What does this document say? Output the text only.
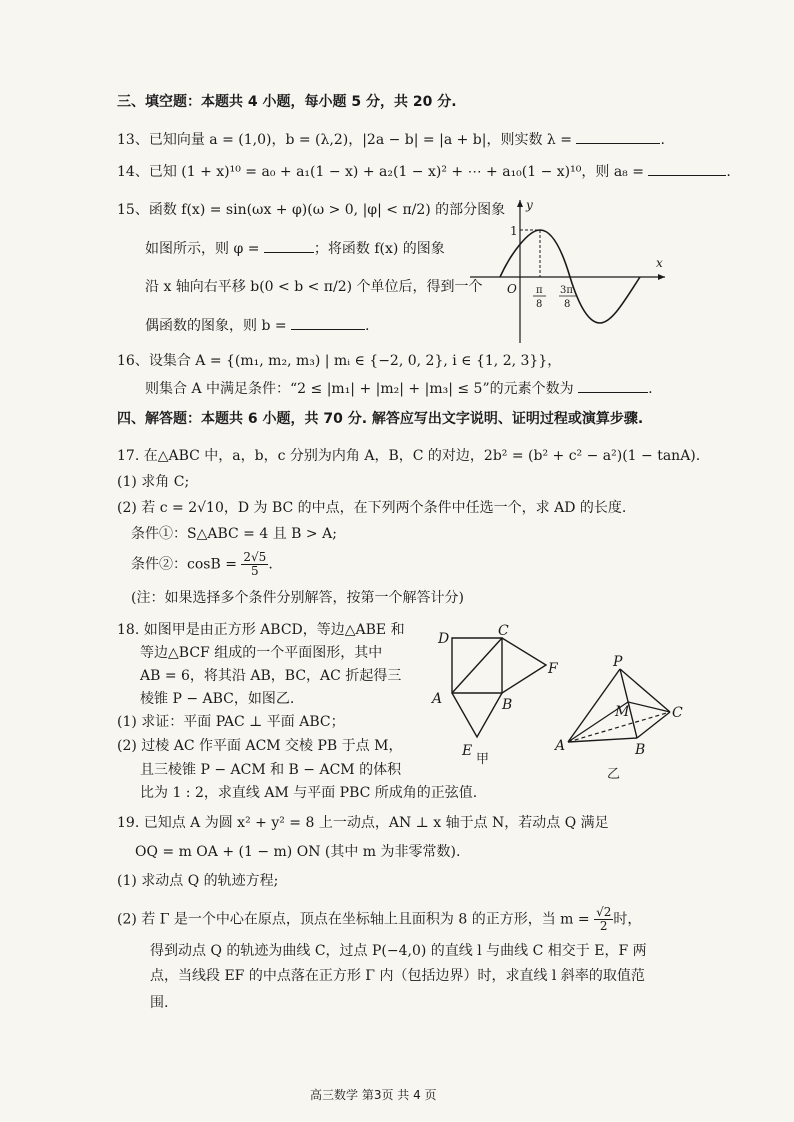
三、填空题：本题共 4 小题，每小题 5 分，共 20 分.
13、已知向量 a = (1,0)，b = (λ,2)，|2a − b| = |a + b|，则实数 λ =	.
14、已知 (1 + x)¹⁰ = a₀ + a₁(1 − x) + a₂(1 − x)² + ⋯ + a₁₀(1 − x)¹⁰，则 a₈ =	.
15、函数 f(x) = sin(ωx + φ)(ω > 0, |φ| < π/2) 的部分图象
如图所示，则 φ =	；将函数 f(x) 的图象
沿 x 轴向右平移 b(0 < b < π/2) 个单位后，得到一个
偶函数的图象，则 b =	.
y
x
O
1
π
8
3π
8
16、设集合 A = {(m₁, m₂, m₃) | mᵢ ∈ {−2, 0, 2}, i ∈ {1, 2, 3}}，
则集合 A 中满足条件：“2 ≤ |m₁| + |m₂| + |m₃| ≤ 5”的元素个数为	.
四、解答题：本题共 6 小题，共 70 分. 解答应写出文字说明、证明过程或演算步骤.
17. 在△ABC 中，a，b，c 分别为内角 A，B，C 的对边，2b² = (b² + c² − a²)(1 − tanA).
(1) 求角 C;
(2) 若 c = 2√10，D 为 BC 的中点，在下列两个条件中任选一个，求 AD 的长度.
条件①：S△ABC = 4 且 B > A;
条件②：$\cos B = \frac{2√5}{5}$ .
(注：如果选择多个条件分别解答，按第一个解答计分)
18. 如图甲是由正方形 ABCD，等边△ABE 和
等边△BCF 组成的一个平面图形，其中
AB = 6，将其沿 AB，BC，AC 折起得三
棱锥 P − ABC，如图乙.
(1) 求证：平面 PAC ⊥ 平面 ABC；
(2) 过棱 AC 作平面 ACM 交棱 PB 于点 M，
且三棱锥 P − ACM 和 B − ACM 的体积
比为 1 : 2，求直线 AM 与平面 PBC 所成角的正弦值.
D	C
F
A	B
E
甲
P
M	C
A	B
乙
19. 已知点 A 为圆 x² + y² = 8 上一动点，AN ⊥ x 轴于点 N，若动点 Q 满足
OQ = m OA + (1 − m) ON (其中 m 为非零常数).
(1) 求动点 Q 的轨迹方程;
(2) 若 Γ 是一个中心在原点，顶点在坐标轴上且面积为 8 的正方形，当 $m = \frac{√2}{2}$ 时，
得到动点 Q 的轨迹为曲线 C，过点 P(−4,0) 的直线 l 与曲线 C 相交于 E，F 两
点，当线段 EF 的中点落在正方形 Γ 内（包括边界）时，求直线 l 斜率的取值范
围.
高三数学 第3页 共 4 页
